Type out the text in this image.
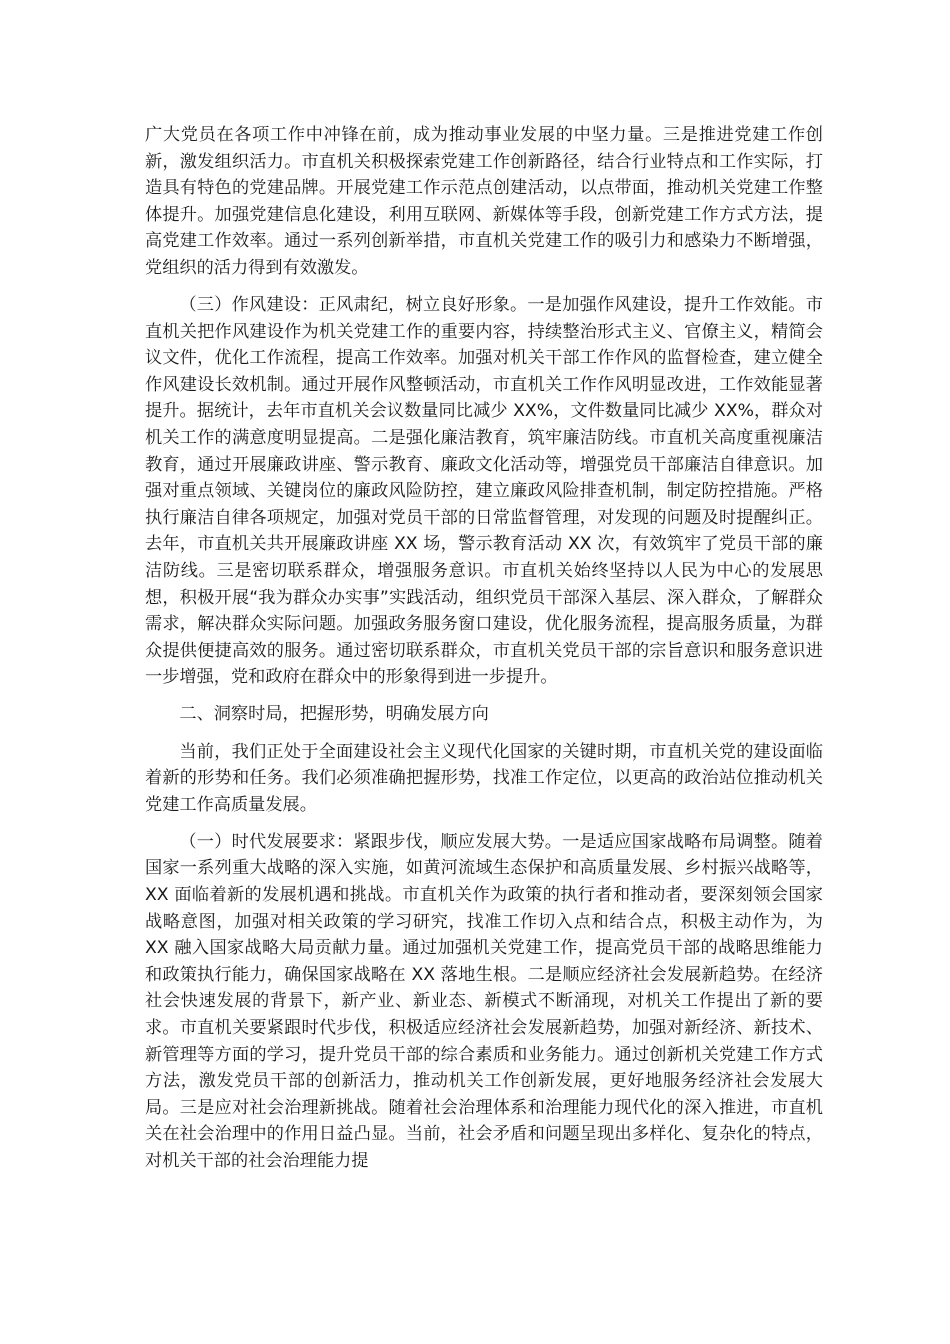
广大党员在各项工作中冲锋在前，成为推动事业发展的中坚力量。三是推进党建工作创新，激发组织活力。市直机关积极探索党建工作创新路径，结合行业特点和工作实际，打造具有特色的党建品牌。开展党建工作示范点创建活动，以点带面，推动机关党建工作整体提升。加强党建信息化建设，利用互联网、新媒体等手段，创新党建工作方式方法，提高党建工作效率。通过一系列创新举措，市直机关党建工作的吸引力和感染力不断增强，党组织的活力得到有效激发。

（三）作风建设：正风肃纪，树立良好形象。一是加强作风建设，提升工作效能。市直机关把作风建设作为机关党建工作的重要内容，持续整治形式主义、官僚主义，精简会议文件，优化工作流程，提高工作效率。加强对机关干部工作作风的监督检查，建立健全作风建设长效机制。通过开展作风整顿活动，市直机关工作作风明显改进，工作效能显著提升。据统计，去年市直机关会议数量同比减少 XX%，文件数量同比减少 XX%，群众对机关工作的满意度明显提高。二是强化廉洁教育，筑牢廉洁防线。市直机关高度重视廉洁教育，通过开展廉政讲座、警示教育、廉政文化活动等，增强党员干部廉洁自律意识。加强对重点领域、关键岗位的廉政风险防控，建立廉政风险排查机制，制定防控措施。严格执行廉洁自律各项规定，加强对党员干部的日常监督管理，对发现的问题及时提醒纠正。去年，市直机关共开展廉政讲座 XX 场，警示教育活动 XX 次，有效筑牢了党员干部的廉洁防线。三是密切联系群众，增强服务意识。市直机关始终坚持以人民为中心的发展思想，积极开展“我为群众办实事”实践活动，组织党员干部深入基层、深入群众，了解群众需求，解决群众实际问题。加强政务服务窗口建设，优化服务流程，提高服务质量，为群众提供便捷高效的服务。通过密切联系群众，市直机关党员干部的宗旨意识和服务意识进一步增强，党和政府在群众中的形象得到进一步提升。

二、洞察时局，把握形势，明确发展方向

当前，我们正处于全面建设社会主义现代化国家的关键时期，市直机关党的建设面临着新的形势和任务。我们必须准确把握形势，找准工作定位，以更高的政治站位推动机关党建工作高质量发展。

（一）时代发展要求：紧跟步伐，顺应发展大势。一是适应国家战略布局调整。随着国家一系列重大战略的深入实施，如黄河流域生态保护和高质量发展、乡村振兴战略等，XX 面临着新的发展机遇和挑战。市直机关作为政策的执行者和推动者，要深刻领会国家战略意图，加强对相关政策的学习研究，找准工作切入点和结合点，积极主动作为，为 XX 融入国家战略大局贡献力量。通过加强机关党建工作，提高党员干部的战略思维能力和政策执行能力，确保国家战略在 XX 落地生根。二是顺应经济社会发展新趋势。在经济社会快速发展的背景下，新产业、新业态、新模式不断涌现，对机关工作提出了新的要求。市直机关要紧跟时代步伐，积极适应经济社会发展新趋势，加强对新经济、新技术、新管理等方面的学习，提升党员干部的综合素质和业务能力。通过创新机关党建工作方式方法，激发党员干部的创新活力，推动机关工作创新发展，更好地服务经济社会发展大局。三是应对社会治理新挑战。随着社会治理体系和治理能力现代化的深入推进，市直机关在社会治理中的作用日益凸显。当前，社会矛盾和问题呈现出多样化、复杂化的特点，对机关干部的社会治理能力提
